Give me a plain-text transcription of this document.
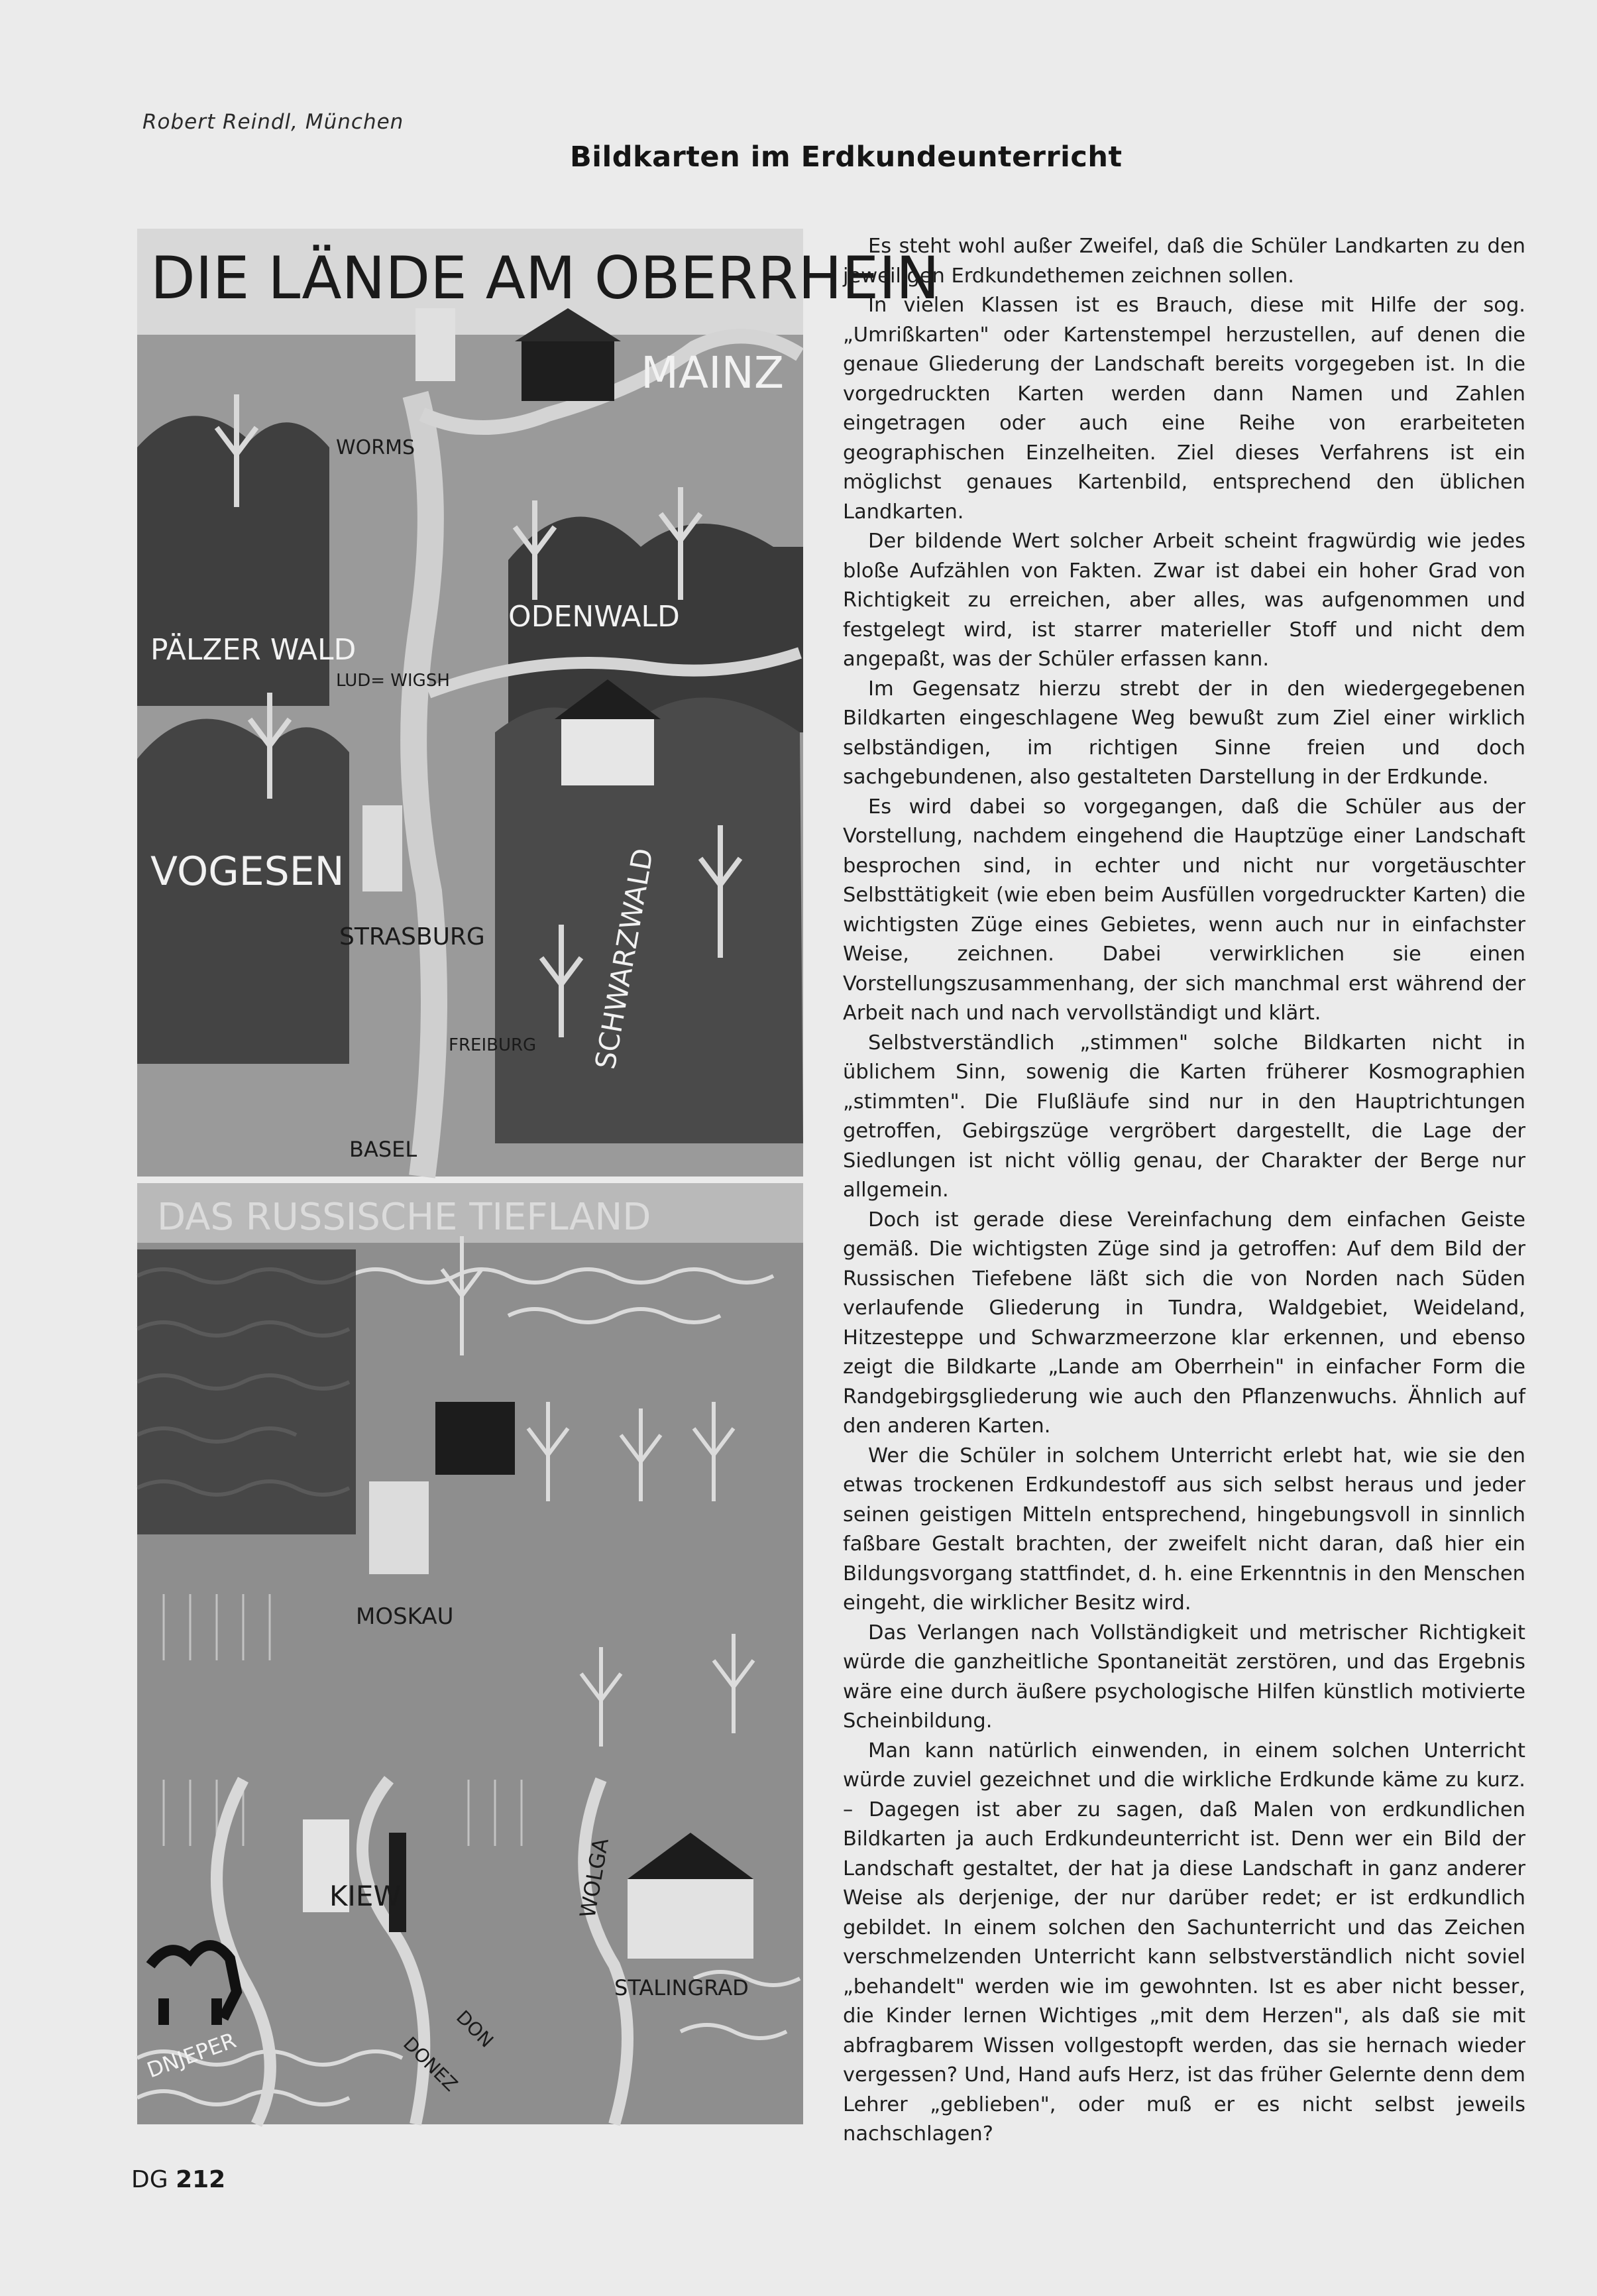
Robert Reindl, München
Bildkarten im Erdkundeunterricht
DIE LÄNDE AM OBERRHEIN
MAINZ
WORMS
ODENWALD
PÄLZER WALD
LUD= WIGSH
VOGESEN
STRASBURG	SCHWARZWALD
FREIBURG
BASEL
DAS RUSSISCHE TIEFLAND
MOSKAU
KIEW	WOLGA
STALINGRAD
DNJEPER	DONEZ
DON

Es steht wohl außer Zweifel, daß die Schüler Landkarten zu den jeweiligen Erdkundethemen zeichnen sollen.

In vielen Klassen ist es Brauch, diese mit Hilfe der sog. „Umrißkarten" oder Kartenstempel herzustellen, auf denen die genaue Gliederung der Landschaft bereits vorgegeben ist. In die vorgedruckten Karten werden dann Namen und Zahlen eingetragen oder auch eine Reihe von erarbeiteten geographischen Einzelheiten. Ziel dieses Verfahrens ist ein möglichst genaues Kartenbild, entsprechend den üblichen Landkarten.

Der bildende Wert solcher Arbeit scheint fragwürdig wie jedes bloße Aufzählen von Fakten. Zwar ist dabei ein hoher Grad von Richtigkeit zu erreichen, aber alles, was aufgenommen und festgelegt wird, ist starrer materieller Stoff und nicht dem angepaßt, was der Schüler erfassen kann.

Im Gegensatz hierzu strebt der in den wiedergegebenen Bildkarten eingeschlagene Weg bewußt zum Ziel einer wirklich selbständigen, im richtigen Sinne freien und doch sachgebundenen, also gestalteten Darstellung in der Erdkunde.

Es wird dabei so vorgegangen, daß die Schüler aus der Vorstellung, nachdem eingehend die Hauptzüge einer Landschaft besprochen sind, in echter und nicht nur vorgetäuschter Selbsttätigkeit (wie eben beim Ausfüllen vorgedruckter Karten) die wichtigsten Züge eines Gebietes, wenn auch nur in einfachster Weise, zeichnen. Dabei verwirklichen sie einen Vorstellungszusammenhang, der sich manchmal erst während der Arbeit nach und nach vervollständigt und klärt.

Selbstverständlich „stimmen" solche Bildkarten nicht in üblichem Sinn, sowenig die Karten früherer Kosmographien „stimmten". Die Flußläufe sind nur in den Hauptrichtungen getroffen, Gebirgszüge vergröbert dargestellt, die Lage der Siedlungen ist nicht völlig genau, der Charakter der Berge nur allgemein.

Doch ist gerade diese Vereinfachung dem einfachen Geiste gemäß. Die wichtigsten Züge sind ja getroffen: Auf dem Bild der Russischen Tiefebene läßt sich die von Norden nach Süden verlaufende Gliederung in Tundra, Waldgebiet, Weideland, Hitzesteppe und Schwarzmeerzone klar erkennen, und ebenso zeigt die Bildkarte „Lande am Oberrhein" in einfacher Form die Randgebirgsgliederung wie auch den Pflanzenwuchs. Ähnlich auf den anderen Karten.

Wer die Schüler in solchem Unterricht erlebt hat, wie sie den etwas trockenen Erdkundestoff aus sich selbst heraus und jeder seinen geistigen Mitteln entsprechend, hingebungsvoll in sinnlich faßbare Gestalt brachten, der zweifelt nicht daran, daß hier ein Bildungsvorgang stattfindet, d. h. eine Erkenntnis in den Menschen eingeht, die wirklicher Besitz wird.

Das Verlangen nach Vollständigkeit und metrischer Richtigkeit würde die ganzheitliche Spontaneität zerstören, und das Ergebnis wäre eine durch äußere psychologische Hilfen künstlich motivierte Scheinbildung.

Man kann natürlich einwenden, in einem solchen Unterricht würde zuviel gezeichnet und die wirkliche Erdkunde käme zu kurz. – Dagegen ist aber zu sagen, daß Malen von erdkundlichen Bildkarten ja auch Erdkundeunterricht ist. Denn wer ein Bild der Landschaft gestaltet, der hat ja diese Landschaft in ganz anderer Weise als derjenige, der nur darüber redet; er ist erdkundlich gebildet. In einem solchen den Sachunterricht und das Zeichen verschmelzenden Unterricht kann selbstverständlich nicht soviel „behandelt" werden wie im gewohnten. Ist es aber nicht besser, die Kinder lernen Wichtiges „mit dem Herzen", als daß sie mit abfragbarem Wissen vollgestopft werden, das sie hernach wieder vergessen? Und, Hand aufs Herz, ist das früher Gelernte denn dem Lehrer „geblieben", oder muß er es nicht selbst jeweils nachschlagen?

DG 212
